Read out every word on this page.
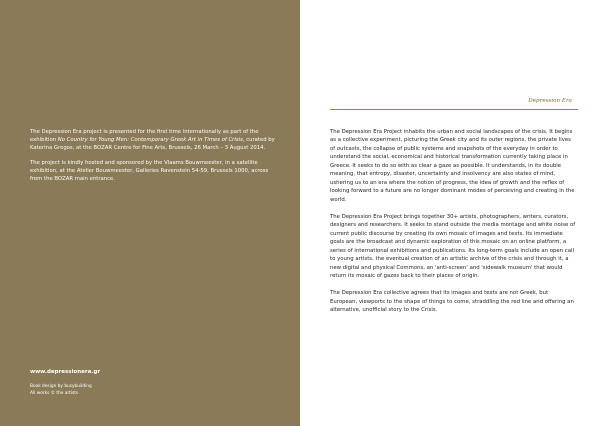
The Depression Era project is presented for the first time internationally as part of the exhibition No Country for Young Men: Contemporary Greek Art in Times of Crisis, curated by Katerina Gregos, at the BOZAR Centre for Fine Arts, Brussels, 26 March – 3 August 2014.

The project is kindly hosted and sponsored by the Vlaams Bouwmeester, in a satellite exhibition, at the Atelier Bouwmeester, Galleries Ravenstein 54-59, Brussels 1000, across from the BOZAR main entrance.

www.depressionera.gr

Book design by busybuilding

All works © the artists

Depression Era

The Depression Era Project inhabits the urban and social landscapes of the crisis. It begins as a collective experiment, picturing the Greek city and its outer regions, the private lives of outcasts, the collapse of public systems and snapshots of the everyday in order to understand the social, economical and historical transformation currently taking place in Greece. It seeks to do so with as clear a gaze as possible. It understands, in its double meaning, that entropy, disaster, uncertainty and insolvency are also states of mind, ushering us to an era where the notion of progress, the idea of growth and the reflex of looking forward to a future are no longer dominant modes of perceiving and creating in the world.

The Depression Era Project brings together 30+ artists, photographers, writers, curators, designers and researchers. It seeks to stand outside the media montage and white noise of current public discourse by creating its own mosaic of images and texts. Its immediate goals are the broadcast and dynamic exploration of this mosaic on an online platform, a series of international exhibitions and publications. Its long-term goals include an open call to young artists, the eventual creation of an artistic archive of the crisis and through it, a new digital and physical Commons, an 'anti-screen' and 'sidewalk museum' that would return its mosaic of gazes back to their places of origin.

The Depression Era collective agrees that its images and texts are not Greek, but European, viewports to the shape of things to come, straddling the red line and offering an alternative, unofficial story to the Crisis.
